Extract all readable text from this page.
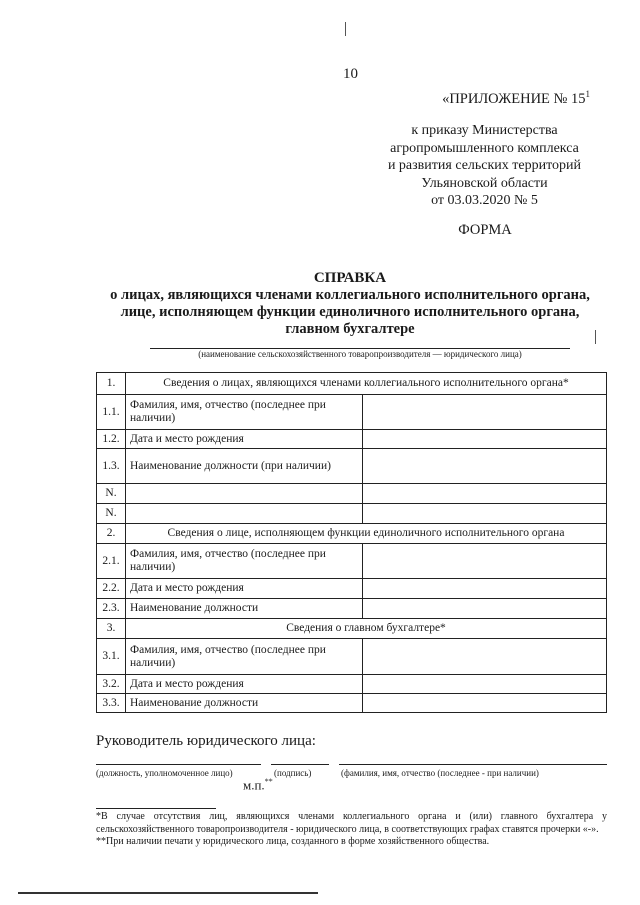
10
«ПРИЛОЖЕНИЕ № $15^1$
к приказу Министерства
агропромышленного комплекса
и развития сельских территорий
Ульяновской области
от 03.03.2020 № 5
ФОРМА
СПРАВКА
о лицах, являющихся членами коллегиального исполнительного органа,
лице, исполняющем функции единоличного исполнительного органа,
главном бухгалтере
(наименование сельскохозяйственного товаропроизводителя — юридического лица)
1.	Сведения о лицах, являющихся членами коллегиального исполнительного органа*	
1.1.	Фамилия, имя, отчество (последнее при наличии)	
1.2.	Дата и место рождения	
1.3.	Наименование должности (при наличии)	
N.		
N.		
2.	Сведения о лице, исполняющем функции единоличного исполнительного органа	
2.1.	Фамилия, имя, отчество (последнее при наличии)	
2.2.	Дата и место рождения	
2.3.	Наименование должности	
3.	Сведения о главном бухгалтере*	
3.1.	Фамилия, имя, отчество (последнее при наличии)	
3.2.	Дата и место рождения	
3.3.	Наименование должности	
Руководитель юридического лица:
(должность, уполномоченное лицо)	(подпись)	(фамилия, имя, отчество (последнее - при наличии)
м.п.**

*В случае отсутствия лиц, являющихся членами коллегиального органа и (или) главного бухгалтера у сельскохозяйственного товаропроизводителя - юридического лица, в соответствующих графах ставятся прочерки «-».

**При наличии печати у юридического лица, созданного в форме хозяйственного общества.
